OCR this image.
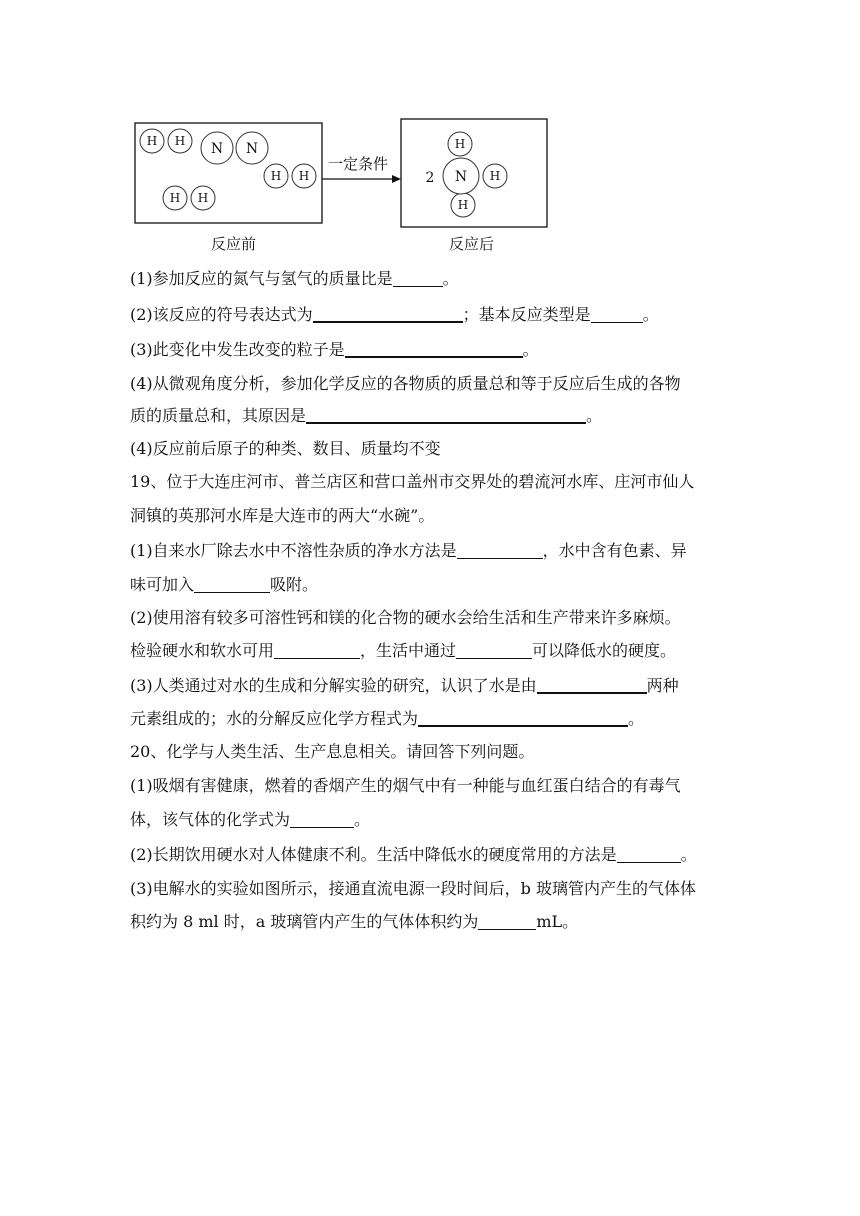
H H N N
H H
H H
一定条件
2
H
H
H
N
反应前	反应后
(1)参加反应的氮气与氢气的质量比是	。
(2)该反应的符号表达式为	；基本反应类型是	。
(3)此变化中发生改变的粒子是	。
(4)从微观角度分析，参加化学反应的各物质的质量总和等于反应后生成的各物
质的质量总和，其原因是	。
(4)反应前后原子的种类、数目、质量均不变
19、位于大连庄河市、普兰店区和营口盖州市交界处的碧流河水库、庄河市仙人
洞镇的英那河水库是大连市的两大“水碗”。
(1)自来水厂除去水中不溶性杂质的净水方法是	，水中含有色素、异
味可加入	吸附。
(2)使用溶有较多可溶性钙和镁的化合物的硬水会给生活和生产带来许多麻烦。
检验硬水和软水可用	，生活中通过	可以降低水的硬度。
(3)人类通过对水的生成和分解实验的研究，认识了水是由	两种
元素组成的；水的分解反应化学方程式为	。
20、化学与人类生活、生产息息相关。请回答下列问题。
(1)吸烟有害健康，燃着的香烟产生的烟气中有一种能与血红蛋白结合的有毒气
体，该气体的化学式为	。
(2)长期饮用硬水对人体健康不利。生活中降低水的硬度常用的方法是	。
(3)电解水的实验如图所示，接通直流电源一段时间后，b 玻璃管内产生的气体体
积约为 8 ml 时，a 玻璃管内产生的气体体积约为	mL。
